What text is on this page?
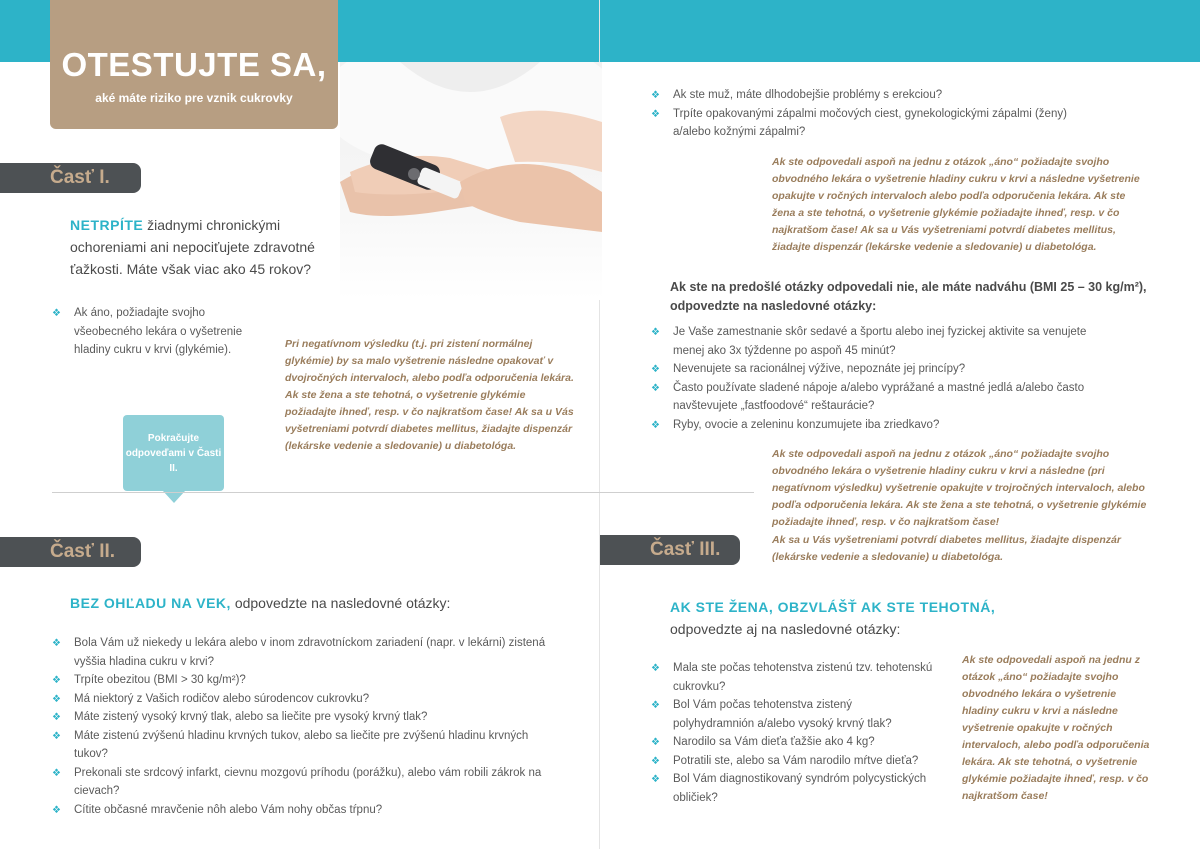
OTESTUJTE SA,
aké máte riziko pre vznik cukrovky
Časť I.
NETRPÍTE žiadnymi chronickými ochoreniami ani nepociťujete zdravotné ťažkosti. Máte však viac ako 45 rokov?
❖ Ak áno, požiadajte svojho všeobecného lekára o vyšetrenie hladiny cukru v krvi (glykémie).	Pri negatívnom výsledku (t.j. pri zistení normálnej glykémie) by sa malo vyšetrenie následne opakovať v dvojročných intervaloch, alebo podľa odporučenia lekára. Ak ste žena a ste tehotná, o vyšetrenie glykémie požiadajte ihneď, resp. v čo najkratšom čase! Ak sa u Vás vyšetreniami potvrdí diabetes mellitus, žiadajte dispenzár (lekárske vedenie a sledovanie) u diabetológa.

Pokračujte odpoveďami v Časti II.
Časť II.
BEZ OHĽADU NA VEK, odpovedzte na nasledovné otázky:
❖ Bola Vám už niekedy u lekára alebo v inom zdravotníckom zariadení (napr. v lekárni) zistená vyššia hladina cukru v krvi?
❖ Trpíte obezitou (BMI > 30 kg/m²)?
❖ Má niektorý z Vašich rodičov alebo súrodencov cukrovku?
❖ Máte zistený vysoký krvný tlak, alebo sa liečite pre vysoký krvný tlak?
❖ Máte zistenú zvýšenú hladinu krvných tukov, alebo sa liečite pre zvýšenú hladinu krvných tukov?
❖ Prekonali ste srdcový infarkt, cievnu mozgovú príhodu (porážku), alebo vám robili zákrok na cievach?
❖ Cítite občasné mravčenie nôh alebo Vám nohy občas tŕpnu?
❖ Ak ste muž, máte dlhodobejšie problémy s erekciou?
❖ Trpíte opakovanými zápalmi močových ciest, gynekologickými zápalmi (ženy) a/alebo kožnými zápalmi?

Ak ste odpovedali aspoň na jednu z otázok „áno“ požiadajte svojho obvodného lekára o vyšetrenie hladiny cukru v krvi a následne vyšetrenie opakujte v ročných intervaloch alebo podľa odporučenia lekára. Ak ste žena a ste tehotná, o vyšetrenie glykémie požiadajte ihneď, resp. v čo najkratšom čase! Ak sa u Vás vyšetreniami potvrdí diabetes mellitus, žiadajte dispenzár (lekárske vedenie a sledovanie) u diabetológa.

Ak ste na predošlé otázky odpovedali nie, ale máte nadváhu (BMI 25 – 30 kg/m²), odpovedzte na nasledovné otázky:
❖ Je Vaše zamestnanie skôr sedavé a športu alebo inej fyzickej aktivite sa venujete menej ako 3x týždenne po aspoň 45 minút?
❖ Nevenujete sa racionálnej výžive, nepoznáte jej princípy?
❖ Často používate sladené nápoje a/alebo vyprážané a mastné jedlá a/alebo často navštevujete „fastfoodové“ reštaurácie?
❖ Ryby, ovocie a zeleninu konzumujete iba zriedkavo?

Ak ste odpovedali aspoň na jednu z otázok „áno“ požiadajte svojho obvodného lekára o vyšetrenie hladiny cukru v krvi a následne (pri negatívnom výsledku) vyšetrenie opakujte v trojročných intervaloch, alebo podľa odporučenia lekára. Ak ste žena a ste tehotná, o vyšetrenie glykémie požiadajte ihneď, resp. v čo najkratšom čase!

Ak sa u Vás vyšetreniami potvrdí diabetes mellitus, žiadajte dispenzár (lekárske vedenie a sledovanie) u diabetológa.

Časť III.
AK STE ŽENA, OBZVLÁŠŤ AK STE TEHOTNÁ,
odpovedzte aj na nasledovné otázky:
❖ Mala ste počas tehotenstva zistenú tzv. tehotenskú cukrovku?
❖ Bol Vám počas tehotenstva zistený polyhydramnión a/alebo vysoký krvný tlak?
❖ Narodilo sa Vám dieťa ťažšie ako 4 kg?
❖ Potratili ste, alebo sa Vám narodilo mŕtve dieťa?
❖ Bol Vám diagnostikovaný syndróm polycystických obličiek?

Ak ste odpovedali aspoň na jednu z otázok „áno“ požiadajte svojho obvodného lekára o vyšetrenie hladiny cukru v krvi a následne vyšetrenie opakujte v ročných intervaloch, alebo podľa odporučenia lekára. Ak ste tehotná, o vyšetrenie glykémie požiadajte ihneď, resp. v čo najkratšom čase!
